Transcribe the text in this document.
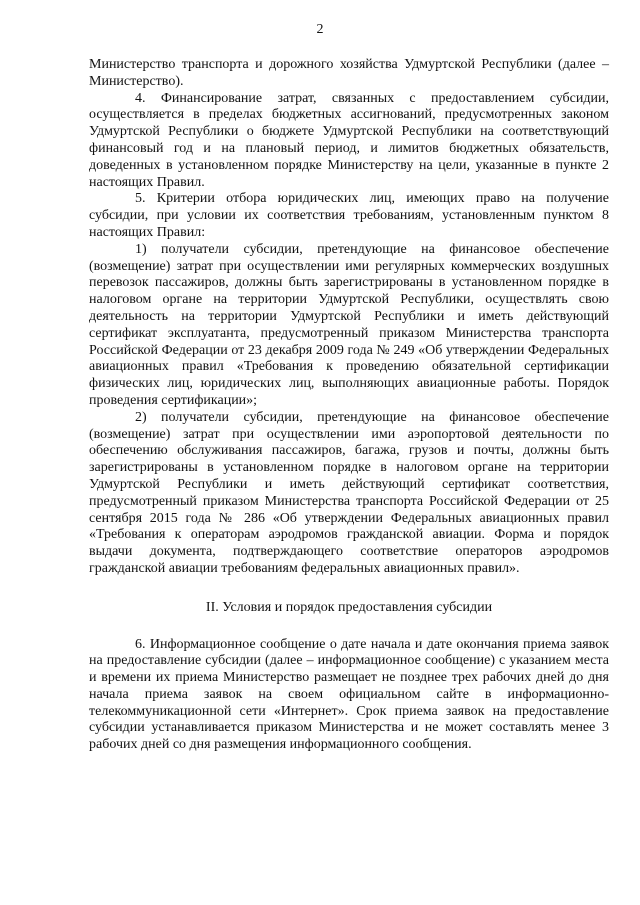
2

Министерство транспорта и дорожного хозяйства Удмуртской Республики (далее – Министерство).

4. Финансирование затрат, связанных с предоставлением субсидии, осуществляется в пределах бюджетных ассигнований, предусмотренных законом Удмуртской Республики о бюджете Удмуртской Республики на соответствующий финансовый год и на плановый период, и лимитов бюджетных обязательств, доведенных в установленном порядке Министерству на цели, указанные в пункте 2 настоящих Правил.

5. Критерии отбора юридических лиц, имеющих право на получение субсидии, при условии их соответствия требованиям, установленным пунктом 8 настоящих Правил:

1) получатели субсидии, претендующие на финансовое обеспечение (возмещение) затрат при осуществлении ими регулярных коммерческих воздушных перевозок пассажиров, должны быть зарегистрированы в установленном порядке в налоговом органе на территории Удмуртской Республики, осуществлять свою деятельность на территории Удмуртской Республики и иметь действующий сертификат эксплуатанта, предусмотренный приказом Министерства транспорта Российской Федерации от 23 декабря 2009 года № 249 «Об утверждении Федеральных авиационных правил «Требования к проведению обязательной сертификации физических лиц, юридических лиц, выполняющих авиационные работы. Порядок проведения сертификации»;

2) получатели субсидии, претендующие на финансовое обеспечение (возмещение) затрат при осуществлении ими аэропортовой деятельности по обеспечению обслуживания пассажиров, багажа, грузов и почты, должны быть зарегистрированы в установленном порядке в налоговом органе на территории Удмуртской Республики и иметь действующий сертификат соответствия, предусмотренный приказом Министерства транспорта Российской Федерации от 25 сентября 2015 года № 286 «Об утверждении Федеральных авиационных правил «Требования к операторам аэродромов гражданской авиации. Форма и порядок выдачи документа, подтверждающего соответствие операторов аэродромов гражданской авиации требованиям федеральных авиационных правил».

II. Условия и порядок предоставления субсидии

6. Информационное сообщение о дате начала и дате окончания приема заявок на предоставление субсидии (далее – информационное сообщение) с указанием места и времени их приема Министерство размещает не позднее трех рабочих дней до дня начала приема заявок на своем официальном сайте в информационно-телекоммуникационной сети «Интернет». Срок приема заявок на предоставление субсидии устанавливается приказом Министерства и не может составлять менее 3 рабочих дней со дня размещения информационного сообщения.
